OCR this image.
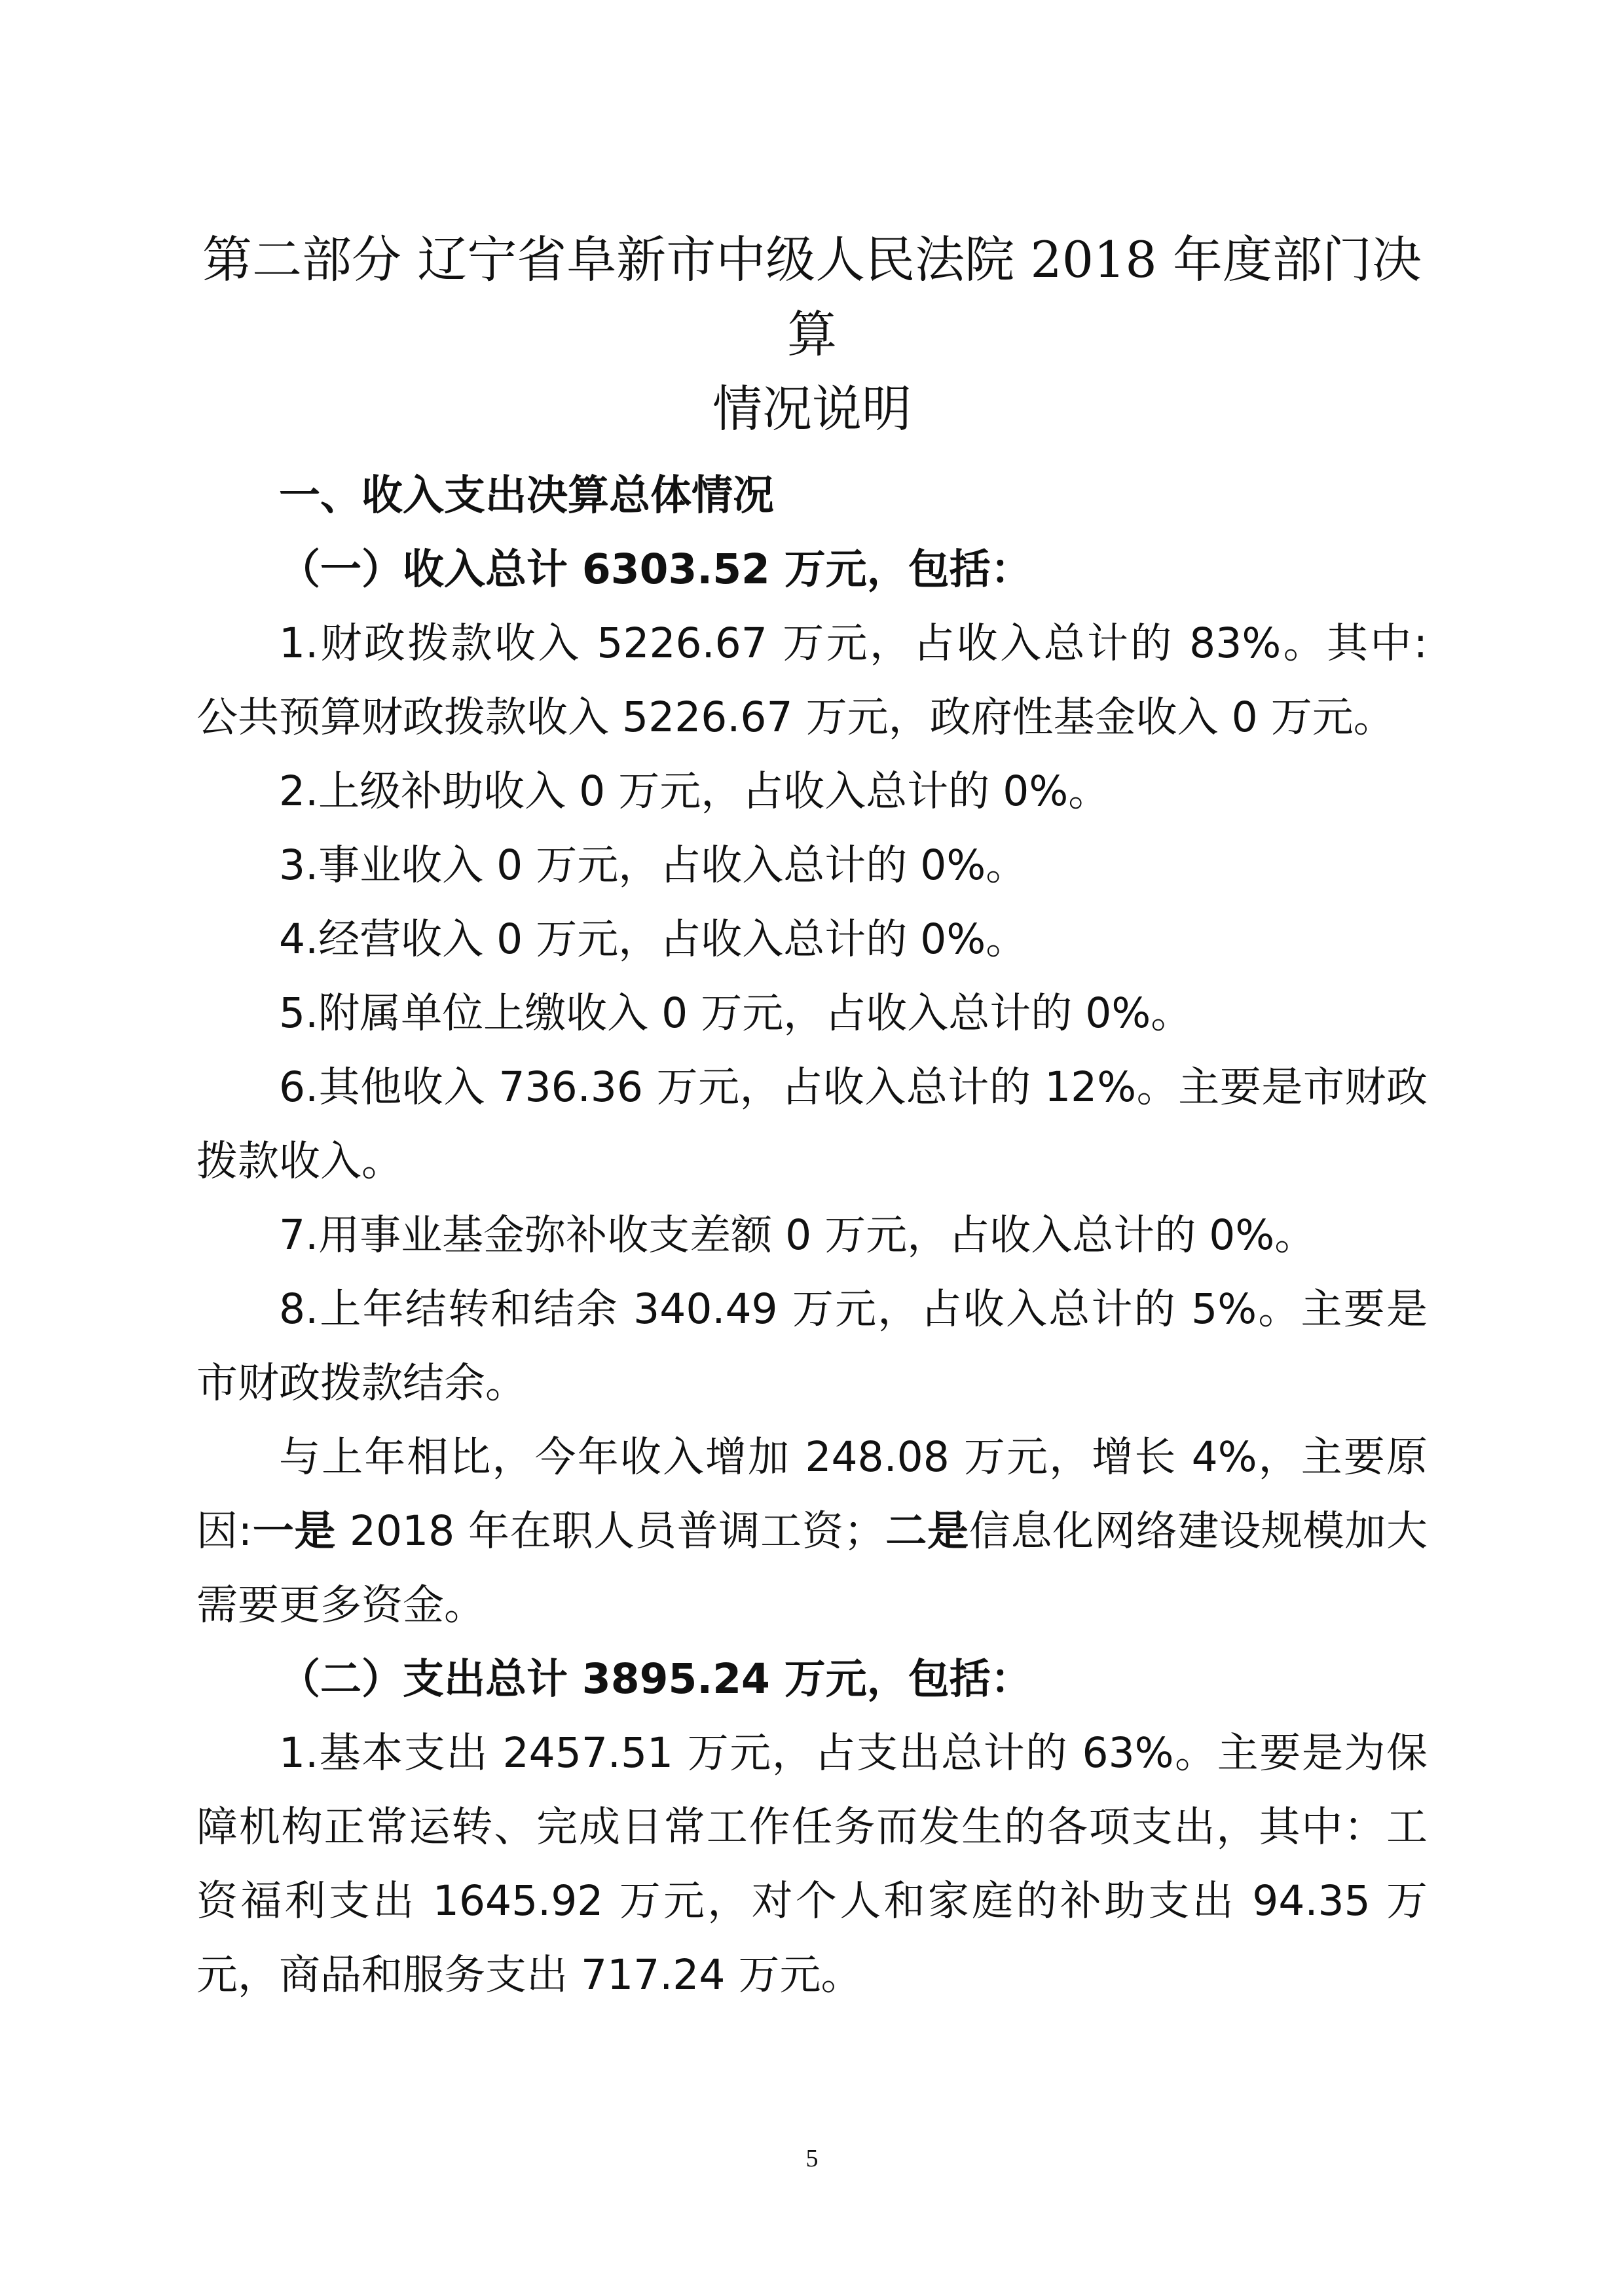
第二部分 辽宁省阜新市中级人民法院 2018 年度部门决算
情况说明

一、收入支出决算总体情况

（一）收入总计 6303.52 万元，包括：

1.财政拨款收入 5226.67 万元，占收入总计的 83%。其中: 公共预算财政拨款收入 5226.67 万元，政府性基金收入 0 万元。

2.上级补助收入 0 万元，占收入总计的 0%。

3.事业收入 0 万元，占收入总计的 0%。

4.经营收入 0 万元，占收入总计的 0%。

5.附属单位上缴收入 0 万元，占收入总计的 0%。

6.其他收入 736.36 万元，占收入总计的 12%。主要是市财政拨款收入。

7.用事业基金弥补收支差额 0 万元，占收入总计的 0%。

8.上年结转和结余 340.49 万元，占收入总计的 5%。主要是市财政拨款结余。

与上年相比，今年收入增加 248.08 万元，增长 4%，主要原因:一是 2018 年在职人员普调工资；二是信息化网络建设规模加大需要更多资金。

（二）支出总计 3895.24 万元，包括：

1.基本支出 2457.51 万元，占支出总计的 63%。主要是为保障机构正常运转、完成日常工作任务而发生的各项支出，其中：工资福利支出 1645.92 万元，对个人和家庭的补助支出 94.35 万元，商品和服务支出 717.24 万元。

5
